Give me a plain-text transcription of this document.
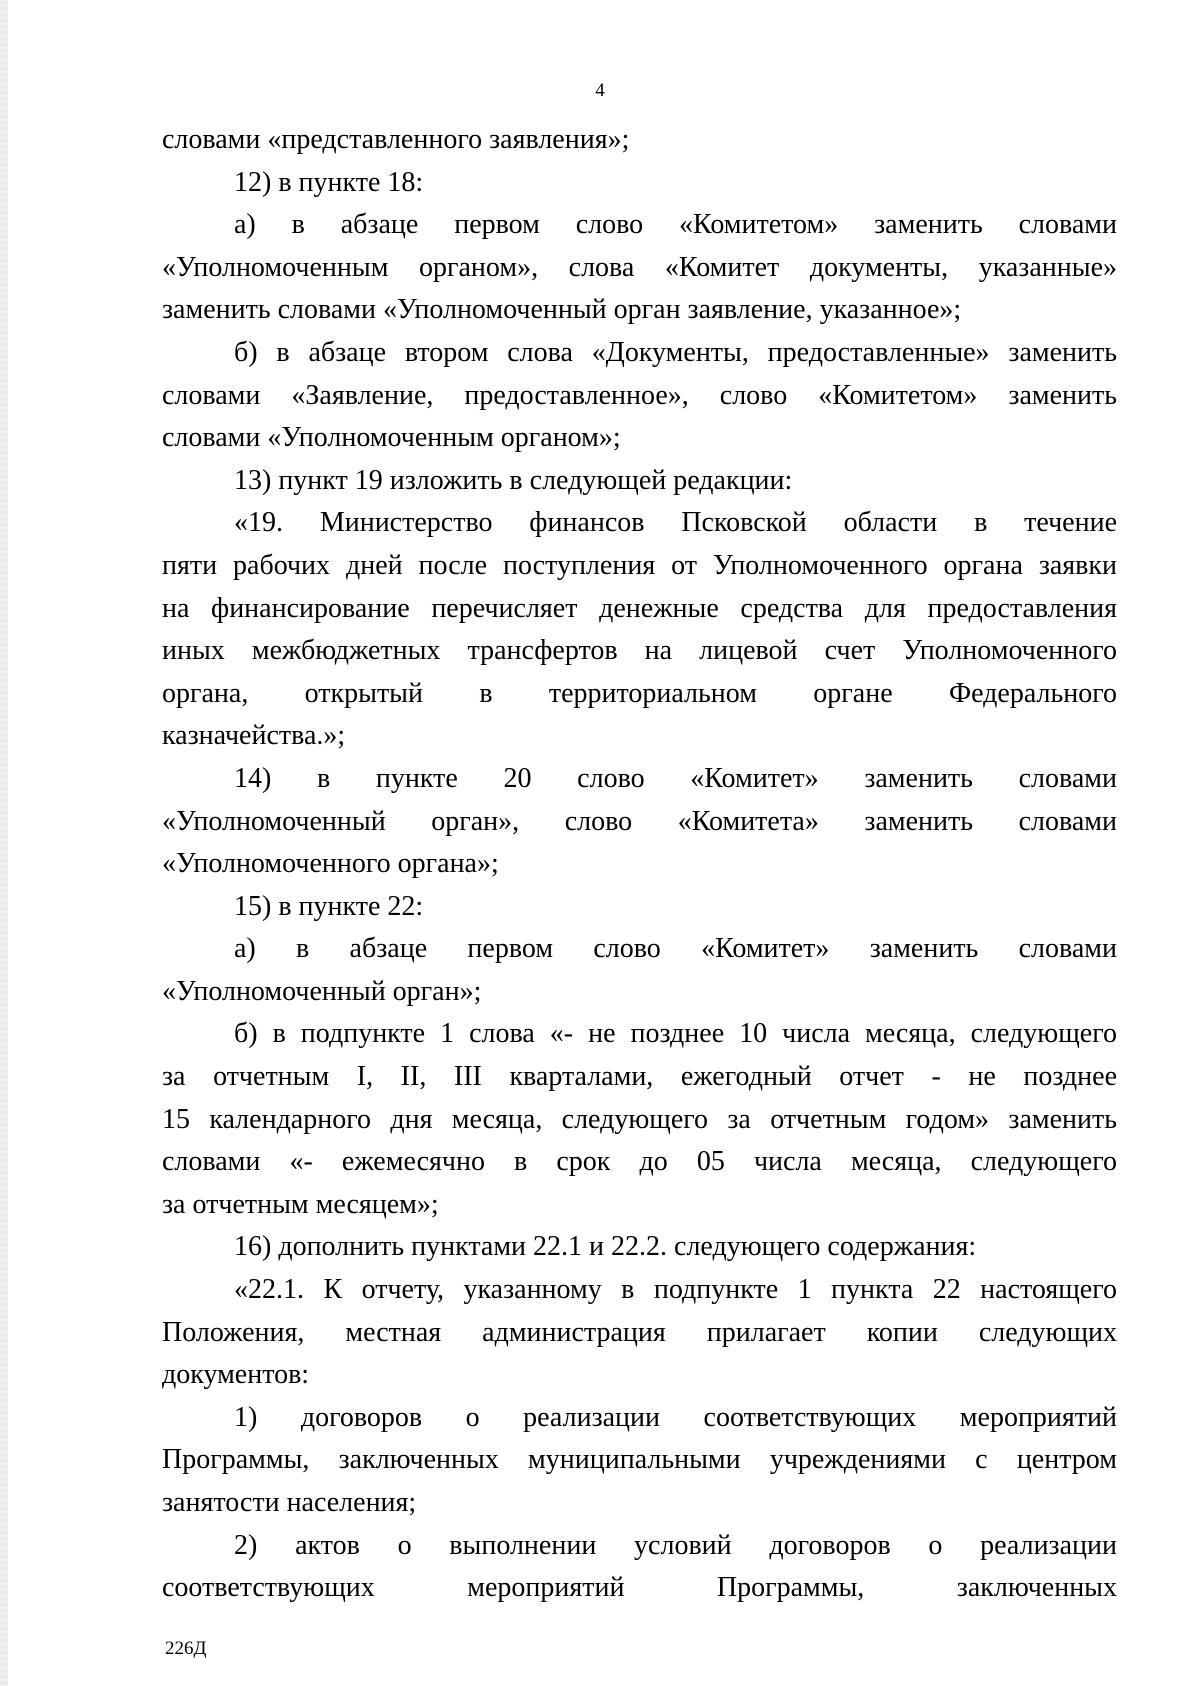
4
словами «представленного заявления»;
12) в пункте 18:
а) в абзаце первом слово «Комитетом» заменить словами
«Уполномоченным органом», слова «Комитет документы, указанные»
заменить словами «Уполномоченный орган заявление, указанное»;
б) в абзаце втором слова «Документы, предоставленные» заменить
словами «Заявление, предоставленное», слово «Комитетом» заменить
словами «Уполномоченным органом»;
13) пункт 19 изложить в следующей редакции:
«19. Министерство финансов Псковской области в течение
пяти рабочих дней после поступления от Уполномоченного органа заявки
на финансирование перечисляет денежные средства для предоставления
иных межбюджетных трансфертов на лицевой счет Уполномоченного
органа, открытый в территориальном органе Федерального
казначейства.»;
14) в пункте 20 слово «Комитет» заменить словами
«Уполномоченный орган», слово «Комитета» заменить словами
«Уполномоченного органа»;
15) в пункте 22:
а) в абзаце первом слово «Комитет» заменить словами
«Уполномоченный орган»;
б) в подпункте 1 слова «- не позднее 10 числа месяца, следующего
за отчетным I, II, III кварталами, ежегодный отчет - не позднее
15 календарного дня месяца, следующего за отчетным годом» заменить
словами «- ежемесячно в срок до 05 числа месяца, следующего
за отчетным месяцем»;
16) дополнить пунктами 22.1 и 22.2. следующего содержания:
«22.1. К отчету, указанному в подпункте 1 пункта 22 настоящего
Положения, местная администрация прилагает копии следующих
документов:
1) договоров о реализации соответствующих мероприятий
Программы, заключенных муниципальными учреждениями с центром
занятости населения;
2) актов о выполнении условий договоров о реализации
соответствующих мероприятий Программы, заключенных
226Д
